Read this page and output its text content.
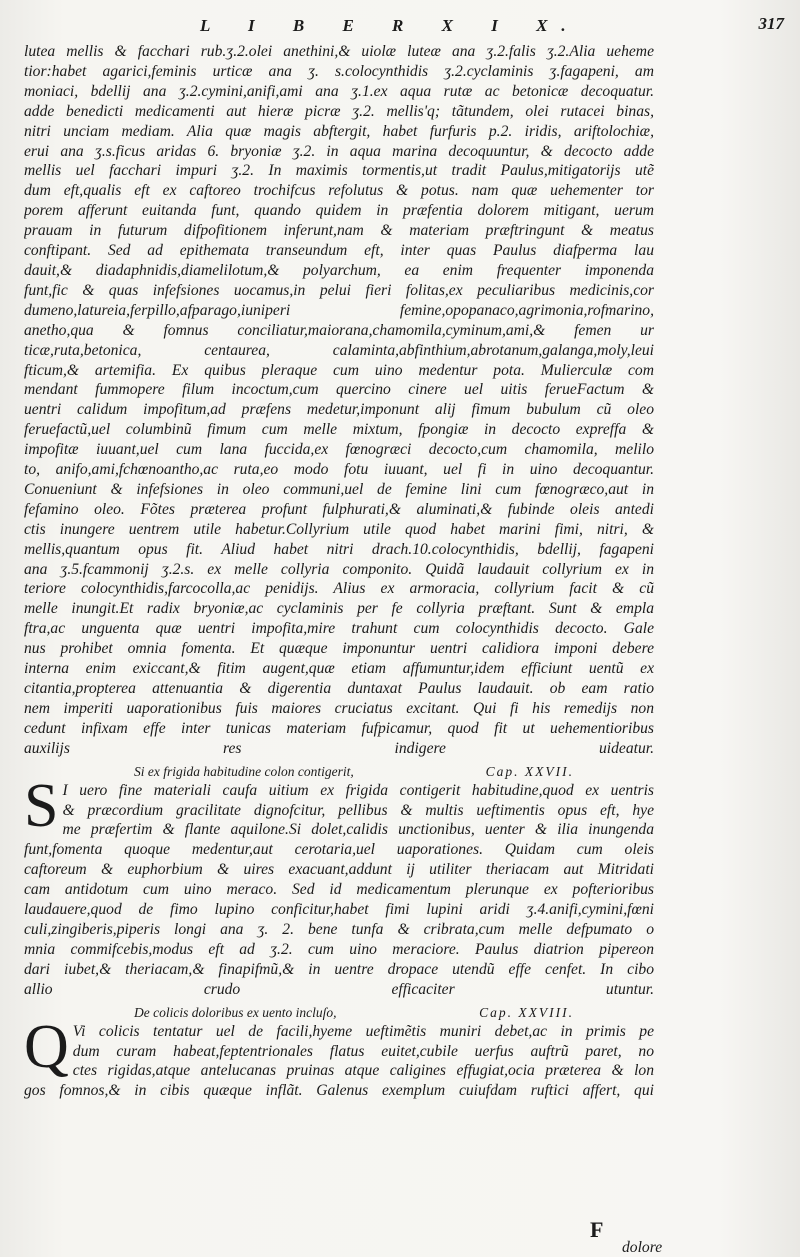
L I B E R X I X.	317
lutea mellis & facchari rub.ʒ.2.olei anethini,& uiolæ luteæ ana ʒ.2.falis ʒ.2.Alia ueheme
tior:habet agarici,feminis urticæ ana ʒ. s.colocynthidis ʒ.2.cyclaminis ʒ.fagapeni, am
moniaci, bdellij ana ʒ.2.cymini,anifi,ami ana ʒ.1.ex aqua rutæ ac betonicæ decoquatur.
adde benedicti medicamenti aut hieræ picræ ʒ.2. mellis'q; tãtundem, olei rutacei binas,
nitri unciam mediam. Alia quæ magis abftergit, habet furfuris p.2. iridis, ariftolochiæ,
erui ana ʒ.s.ficus aridas 6. bryoniæ ʒ.2. in aqua marina decoquuntur, & decocto adde
mellis uel facchari impuri ʒ.2. In maximis tormentis,ut tradit Paulus,mitigatorijs utẽ
dum eft,qualis eft ex caftoreo trochifcus refolutus & potus. nam quæ uehementer tor
porem afferunt euitanda funt, quando quidem in præfentia dolorem mitigant, uerum
prauam in futurum difpofitionem inferunt,nam & materiam præftringunt & meatus
conftipant. Sed ad epithemata transeundum eft, inter quas Paulus diafperma lau
dauit,& diadaphnidis,diamelilotum,& polyarchum, ea enim frequenter imponenda
funt,fic & quas infefsiones uocamus,in pelui fieri folitas,ex peculiaribus medicinis,cor
dumeno,latureia,ferpillo,afparago,iuniperi femine,opopanaco,agrimonia,rofmarino,
anetho,qua & fomnus conciliatur,maiorana,chamomila,cyminum,ami,& femen ur
ticæ,ruta,betonica, centaurea, calaminta,abfinthium,abrotanum,galanga,moly,leui
fticum,& artemifia. Ex quibus pleraque cum uino medentur pota. Mulierculæ com
mendant fummopere filum incoctum,cum quercino cinere uel uitis ferueFactum &
uentri calidum impofitum,ad præfens medetur,imponunt alij fimum bubulum cũ oleo
feruefactũ,uel columbinũ fimum cum melle mixtum, fpongiæ in decocto expreffa &
impofitæ iuuant,uel cum lana fuccida,ex fœnogræci decocto,cum chamomila, melilo
to, anifo,ami,fchœnoantho,ac ruta,eo modo fotu iuuant, uel fi in uino decoquantur.
Conueniunt & infefsiones in oleo communi,uel de femine lini cum fœnogræco,aut in
fefamino oleo. Fõtes præterea profunt fulphurati,& aluminati,& fubinde oleis antedi
ctis inungere uentrem utile habetur.Collyrium utile quod habet marini fimi, nitri, &
mellis,quantum opus fit. Aliud habet nitri drach.10.colocynthidis, bdellij, fagapeni
ana ʒ.5.fcammonij ʒ.2.s. ex melle collyria componito. Quidã laudauit collyrium ex in
teriore colocynthidis,farcocolla,ac penidijs. Alius ex armoracia, collyrium facit & cũ
melle inungit.Et radix bryoniæ,ac cyclaminis per fe collyria præftant. Sunt & empla
ftra,ac unguenta quæ uentri impofita,mire trahunt cum colocynthidis decocto. Gale
nus prohibet omnia fomenta. Et quæque imponuntur uentri calidiora imponi debere
interna enim exiccant,& fitim augent,quæ etiam affumuntur,idem efficiunt uentũ ex
citantia,propterea attenuantia & digerentia duntaxat Paulus laudauit. ob eam ratio
nem imperiti uaporationibus fuis maiores cruciatus excitant. Qui fi his remedijs non
cedunt infixam effe inter tunicas materiam fufpicamur, quod fit ut uehementioribus
auxilijs res indigere uideatur.
Si ex frigida habitudine colon contigerit,	Cap. XXVII.
S I uero fine materiali caufa uitium ex frigida contigerit habitudine,quod ex uentris
& præcordium gracilitate dignofcitur, pellibus & multis ueftimentis opus eft, hye
me præfertim & flante aquilone.Si dolet,calidis unctionibus, uenter & ilia inungenda
funt,fomenta quoque medentur,aut cerotaria,uel uaporationes. Quidam cum oleis
caftoreum & euphorbium & uires exacuant,addunt ij utiliter theriacam aut Mitridati
cam antidotum cum uino meraco. Sed id medicamentum plerunque ex pofterioribus
laudauere,quod de fimo lupino conficitur,habet fimi lupini aridi ʒ.4.anifi,cymini,fœni
culi,zingiberis,piperis longi ana ʒ. 2. bene tunfa & cribrata,cum melle defpumato o
mnia commifcebis,modus eft ad ʒ.2. cum uino meraciore. Paulus diatrion pipereon
dari iubet,& theriacam,& finapifmũ,& in uentre dropace utendũ effe cenfet. In cibo
allio crudo efficaciter utuntur.
De colicis doloribus ex uento incluſo,	Cap. XXVIII.
Q Vi colicis tentatur uel de facili,hyeme ueftimẽtis muniri debet,ac in primis pe
dum curam habeat,feptentrionales flatus euitet,cubile uerfus auftrũ paret, no
ctes rigidas,atque antelucanas pruinas atque caligines effugiat,ocia præterea & lon
gos fomnos,& in cibis quæque inflãt. Galenus exemplum cuiufdam ruftici affert, qui
F
dolore
